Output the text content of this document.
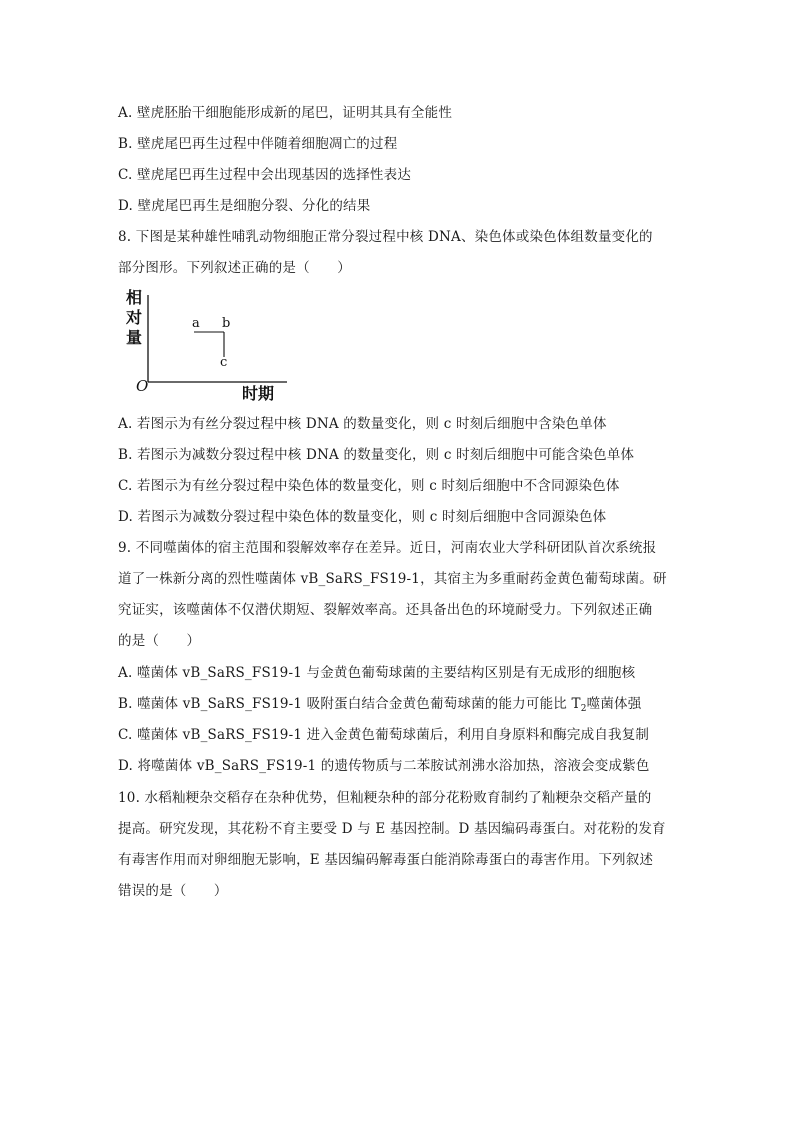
A. 壁虎胚胎干细胞能形成新的尾巴，证明其具有全能性
B. 壁虎尾巴再生过程中伴随着细胞凋亡的过程
C. 壁虎尾巴再生过程中会出现基因的选择性表达
D. 壁虎尾巴再生是细胞分裂、分化的结果
8. 下图是某种雄性哺乳动物细胞正常分裂过程中核 DNA、染色体或染色体组数量变化的
部分图形。下列叙述正确的是（　　）
相
对
量
时期
O
a b
c
A. 若图示为有丝分裂过程中核 DNA 的数量变化，则 c 时刻后细胞中含染色单体
B. 若图示为减数分裂过程中核 DNA 的数量变化，则 c 时刻后细胞中可能含染色单体
C. 若图示为有丝分裂过程中染色体的数量变化，则 c 时刻后细胞中不含同源染色体
D. 若图示为减数分裂过程中染色体的数量变化，则 c 时刻后细胞中含同源染色体
9. 不同噬菌体的宿主范围和裂解效率存在差异。近日，河南农业大学科研团队首次系统报
道了一株新分离的烈性噬菌体 vB_SaRS_FS19-1，其宿主为多重耐药金黄色葡萄球菌。研
究证实，该噬菌体不仅潜伏期短、裂解效率高。还具备出色的环境耐受力。下列叙述正确
的是（　　）
A. 噬菌体 vB_SaRS_FS19-1 与金黄色葡萄球菌的主要结构区别是有无成形的细胞核
B. 噬菌体 vB_SaRS_FS19-1 吸附蛋白结合金黄色葡萄球菌的能力可能比 $T_2$噬菌体强
C. 噬菌体 vB_SaRS_FS19-1 进入金黄色葡萄球菌后，利用自身原料和酶完成自我复制
D. 将噬菌体 vB_SaRS_FS19-1 的遗传物质与二苯胺试剂沸水浴加热，溶液会变成紫色
10. 水稻籼粳杂交稻存在杂种优势，但籼粳杂种的部分花粉败育制约了籼粳杂交稻产量的
提高。研究发现，其花粉不育主要受 D 与 E 基因控制。D 基因编码毒蛋白。对花粉的发育
有毒害作用而对卵细胞无影响，E 基因编码解毒蛋白能消除毒蛋白的毒害作用。下列叙述
错误的是（　　）
